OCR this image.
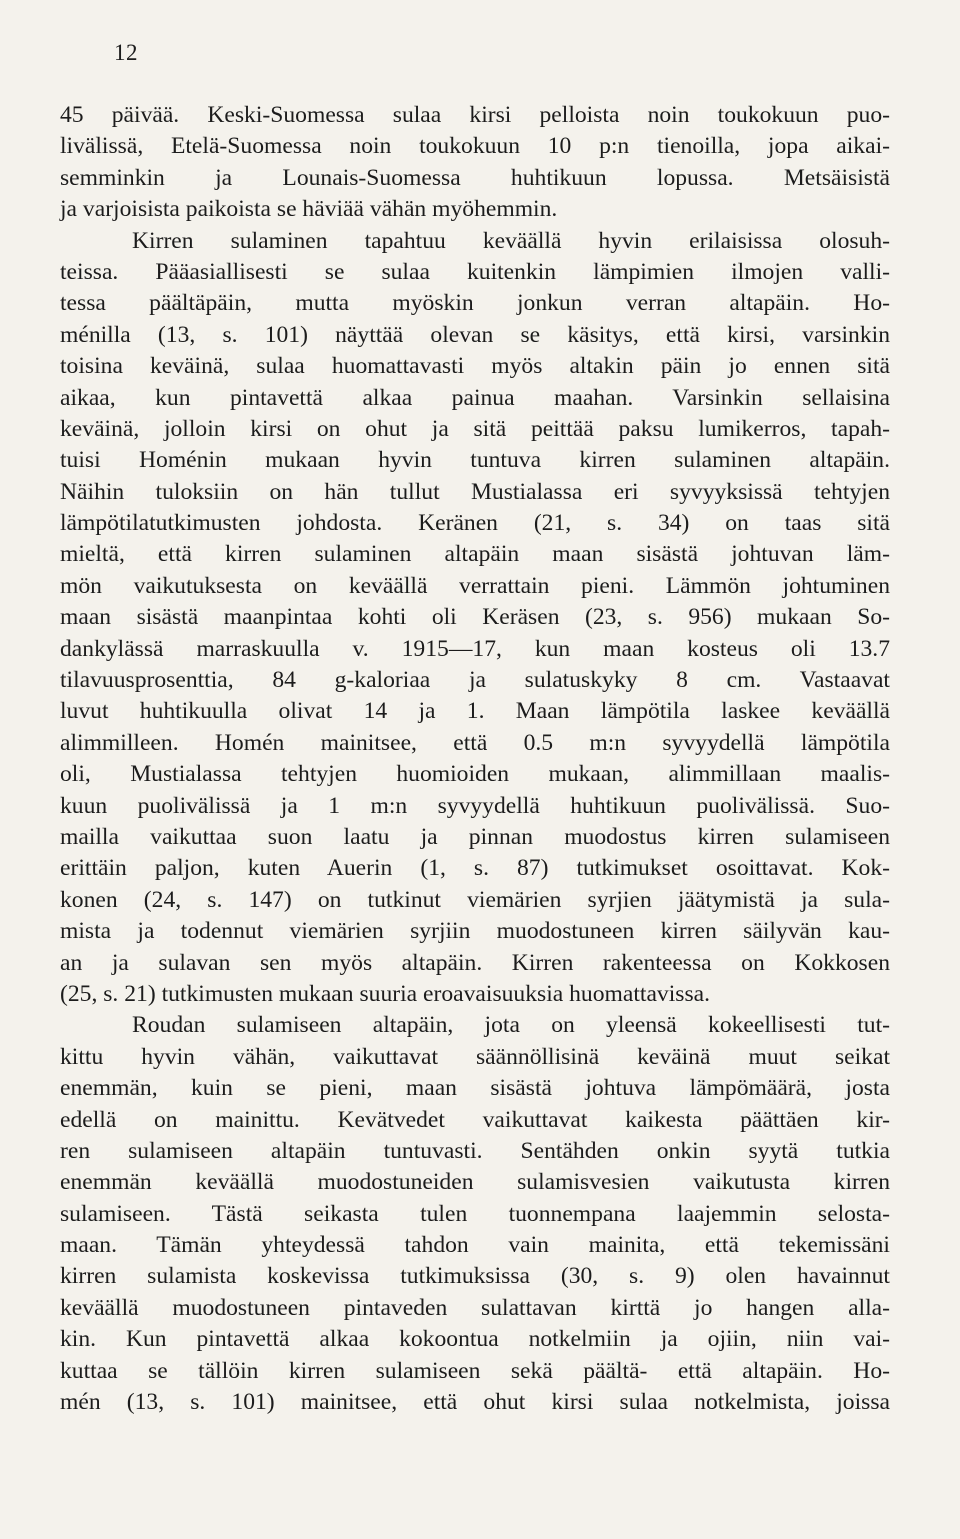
12
45 päivää. Keski-Suomessa sulaa kirsi pelloista noin toukokuun puo-
livälissä, Etelä-Suomessa noin toukokuun 10 p:n tienoilla, jopa aikai-
semminkin ja Lounais-Suomessa huhtikuun lopussa. Metsäisistä
ja varjoisista paikoista se häviää vähän myöhemmin.
Kirren sulaminen tapahtuu keväällä hyvin erilaisissa olosuh-
teissa. Pääasiallisesti se sulaa kuitenkin lämpimien ilmojen valli-
tessa päältäpäin, mutta myöskin jonkun verran altapäin. Ho-
ménilla (13, s. 101) näyttää olevan se käsitys, että kirsi, varsinkin
toisina keväinä, sulaa huomattavasti myös altakin päin jo ennen sitä
aikaa, kun pintavettä alkaa painua maahan. Varsinkin sellaisina
keväinä, jolloin kirsi on ohut ja sitä peittää paksu lumikerros, tapah-
tuisi Homénin mukaan hyvin tuntuva kirren sulaminen altapäin.
Näihin tuloksiin on hän tullut Mustialassa eri syvyyksissä tehtyjen
lämpötilatutkimusten johdosta. Keränen (21, s. 34) on taas sitä
mieltä, että kirren sulaminen altapäin maan sisästä johtuvan läm-
mön vaikutuksesta on keväällä verrattain pieni. Lämmön johtuminen
maan sisästä maanpintaa kohti oli Keräsen (23, s. 956) mukaan So-
dankylässä marraskuulla v. 1915—17, kun maan kosteus oli 13.7
tilavuusprosenttia, 84 g-kaloriaa ja sulatuskyky 8 cm. Vastaavat
luvut huhtikuulla olivat 14 ja 1. Maan lämpötila laskee keväällä
alimmilleen. Homén mainitsee, että 0.5 m:n syvyydellä lämpötila
oli, Mustialassa tehtyjen huomioiden mukaan, alimmillaan maalis-
kuun puolivälissä ja 1 m:n syvyydellä huhtikuun puolivälissä. Suo-
mailla vaikuttaa suon laatu ja pinnan muodostus kirren sulamiseen
erittäin paljon, kuten Auerin (1, s. 87) tutkimukset osoittavat. Kok-
konen (24, s. 147) on tutkinut viemärien syrjien jäätymistä ja sula-
mista ja todennut viemärien syrjiin muodostuneen kirren säilyvän kau-
an ja sulavan sen myös altapäin. Kirren rakenteessa on Kokkosen
(25, s. 21) tutkimusten mukaan suuria eroavaisuuksia huomattavissa.
Roudan sulamiseen altapäin, jota on yleensä kokeellisesti tut-
kittu hyvin vähän, vaikuttavat säännöllisinä keväinä muut seikat
enemmän, kuin se pieni, maan sisästä johtuva lämpömäärä, josta
edellä on mainittu. Kevätvedet vaikuttavat kaikesta päättäen kir-
ren sulamiseen altapäin tuntuvasti. Sentähden onkin syytä tutkia
enemmän keväällä muodostuneiden sulamisvesien vaikutusta kirren
sulamiseen. Tästä seikasta tulen tuonnempana laajemmin selosta-
maan. Tämän yhteydessä tahdon vain mainita, että tekemissäni
kirren sulamista koskevissa tutkimuksissa (30, s. 9) olen havainnut
keväällä muodostuneen pintaveden sulattavan kirttä jo hangen alla-
kin. Kun pintavettä alkaa kokoontua notkelmiin ja ojiin, niin vai-
kuttaa se tällöin kirren sulamiseen sekä päältä- että altapäin. Ho-
mén (13, s. 101) mainitsee, että ohut kirsi sulaa notkelmista, joissa
